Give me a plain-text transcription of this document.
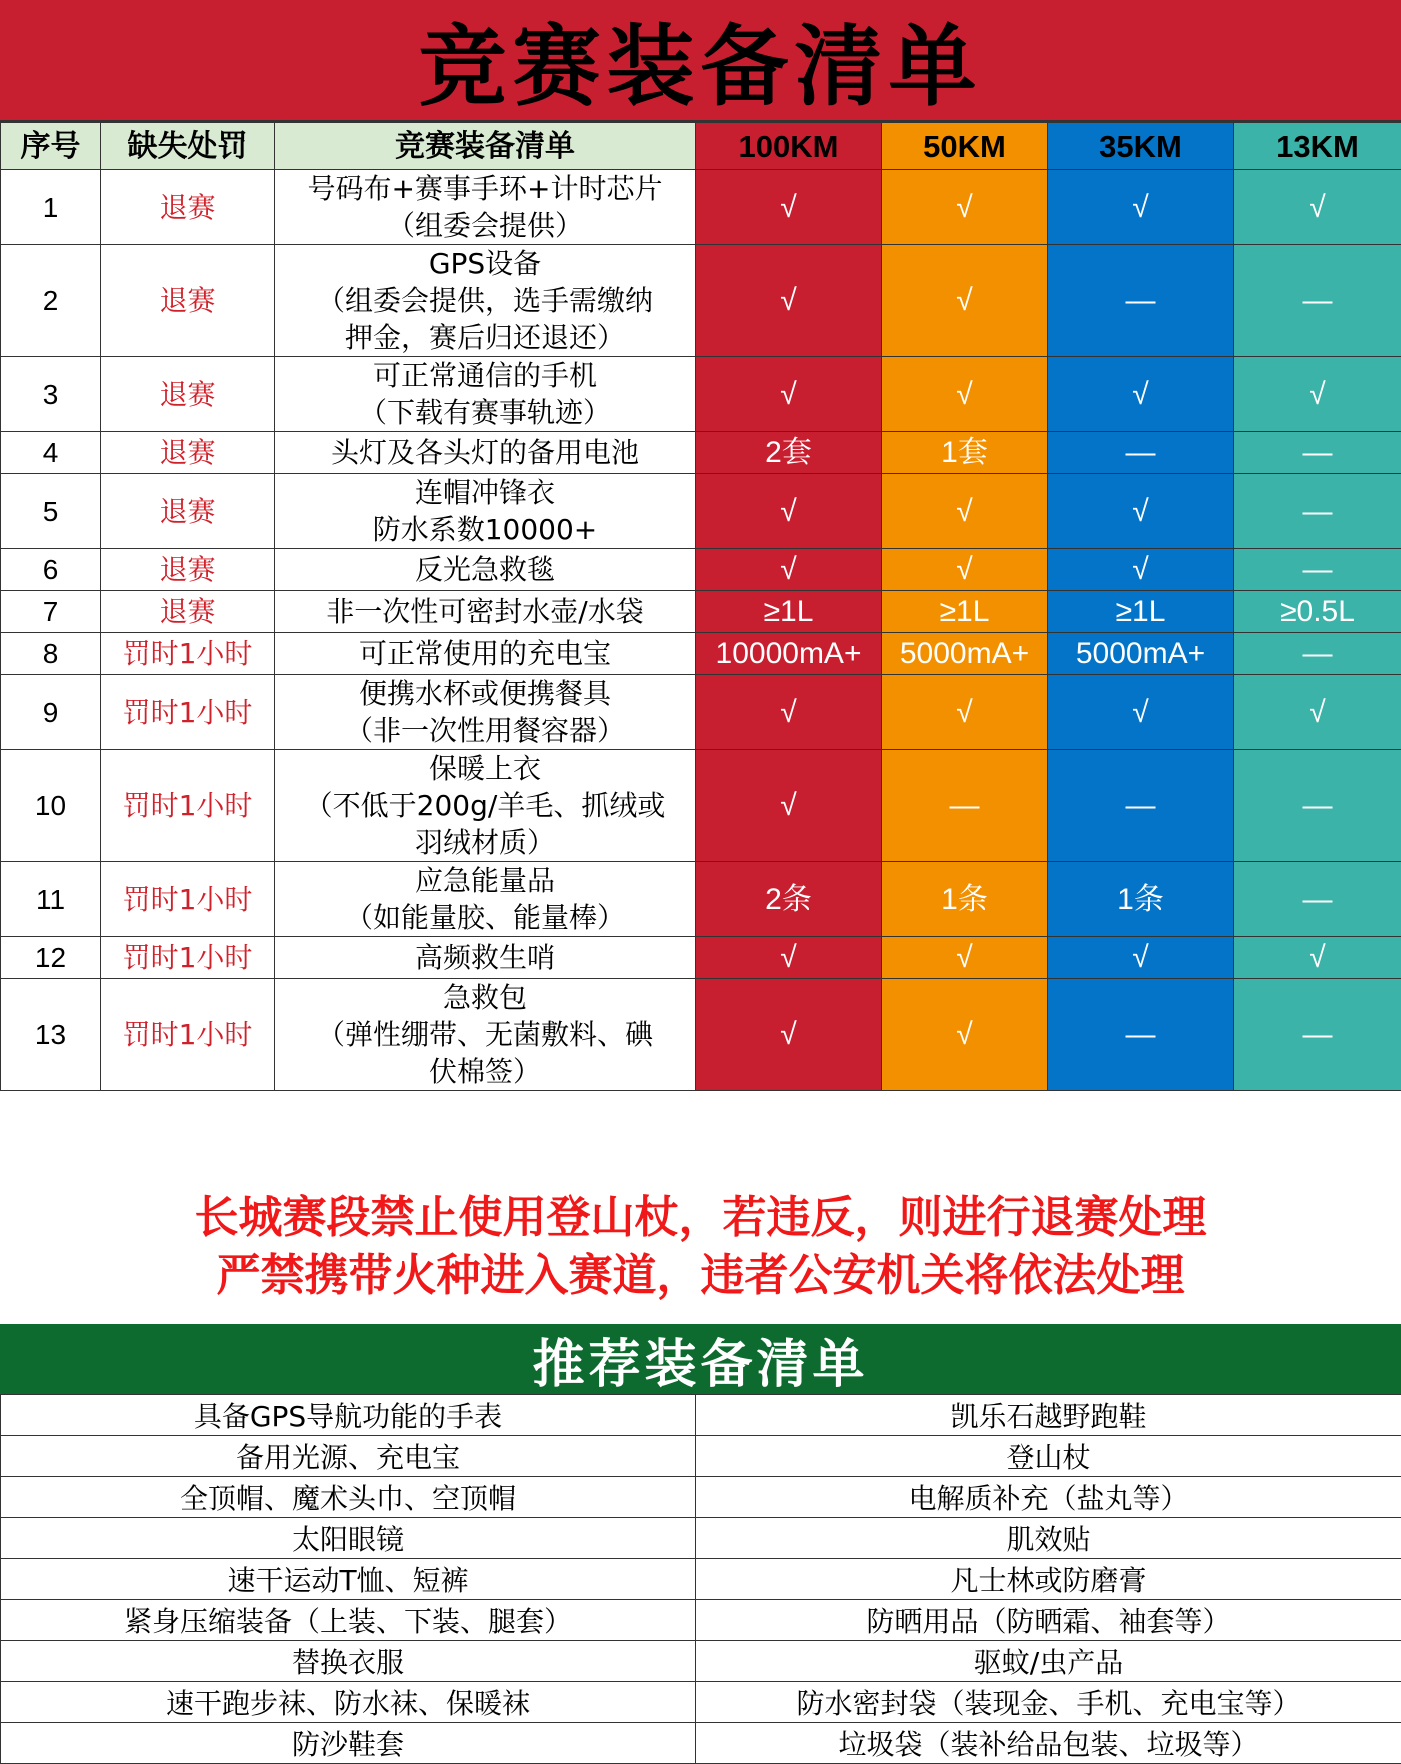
竞赛装备清单
序号	缺失处罚	竞赛装备清单	100KM	50KM	35KM	13KM
1	退赛	号码布+赛事手环+计时芯片
（组委会提供）	√	√	√	√
2	退赛	GPS设备
（组委会提供，选手需缴纳
押金，赛后归还退还）	√	√	—	—
3	退赛	可正常通信的手机
（下载有赛事轨迹）	√	√	√	√
4	退赛	头灯及各头灯的备用电池	2套	1套	—	—
5	退赛	连帽冲锋衣
防水系数10000+	√	√	√	—
6	退赛	反光急救毯	√	√	√	—
7	退赛	非一次性可密封水壶/水袋	≥1L	≥1L	≥1L	≥0.5L
8	罚时1小时	可正常使用的充电宝	10000mA+	5000mA+	5000mA+	—
9	罚时1小时	便携水杯或便携餐具
（非一次性用餐容器）	√	√	√	√
10	罚时1小时	保暖上衣
（不低于200g/羊毛、抓绒或
羽绒材质）	√	—	—	—
11	罚时1小时	应急能量品
（如能量胶、能量棒）	2条	1条	1条	—
12	罚时1小时	高频救生哨	√	√	√	√
13	罚时1小时	急救包
（弹性绷带、无菌敷料、碘
伏棉签）	√	√	—	—
长城赛段禁止使用登山杖，若违反，则进行退赛处理
严禁携带火种进入赛道，违者公安机关将依法处理
推荐装备清单
具备GPS导航功能的手表	凯乐石越野跑鞋
备用光源、充电宝	登山杖
全顶帽、魔术头巾、空顶帽	电解质补充（盐丸等）
太阳眼镜	肌效贴
速干运动T恤、短裤	凡士林或防磨膏
紧身压缩装备（上装、下装、腿套）	防晒用品（防晒霜、袖套等）
替换衣服	驱蚊/虫产品
速干跑步袜、防水袜、保暖袜	防水密封袋（装现金、手机、充电宝等）
防沙鞋套	垃圾袋（装补给品包装、垃圾等）
